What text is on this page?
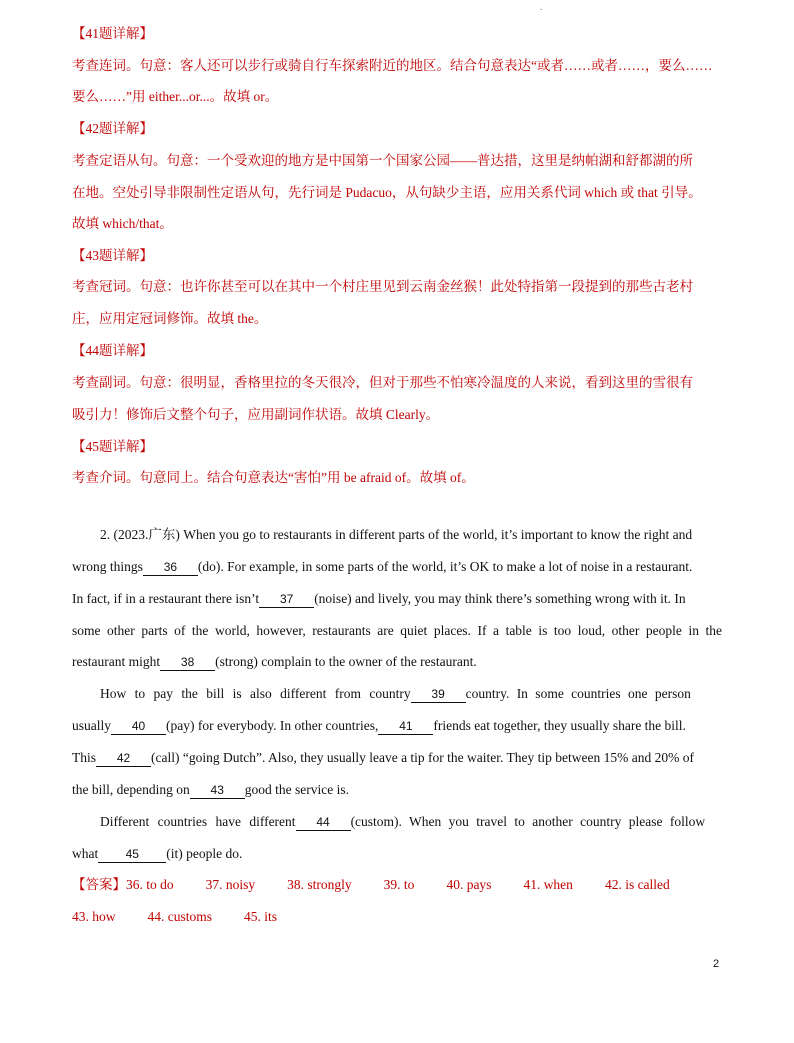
.
【41题详解】
考查连词。句意：客人还可以步行或骑自行车探索附近的地区。结合句意表达“或者……或者……，要么……
要么……”用 either...or...。故填 or。
【42题详解】
考查定语从句。句意：一个受欢迎的地方是中国第一个国家公园——普达措，这里是纳帕湖和舒都湖的所
在地。空处引导非限制性定语从句，先行词是 Pudacuo，从句缺少主语，应用关系代词 which 或 that 引导。
故填 which/that。
【43题详解】
考查冠词。句意：也许你甚至可以在其中一个村庄里见到云南金丝猴！此处特指第一段提到的那些古老村
庄，应用定冠词修饰。故填 the。
【44题详解】
考查副词。句意：很明显，香格里拉的冬天很冷，但对于那些不怕寒冷温度的人来说，看到这里的雪很有
吸引力！修饰后文整个句子，应用副词作状语。故填 Clearly。
【45题详解】
考查介词。句意同上。结合句意表达“害怕”用 be afraid of。故填 of。
2. (2023.广东) When you go to restaurants in different parts of the world, it’s important to know the right and
wrong things 36 (do). For example, in some parts of the world, it’s OK to make a lot of noise in a restaurant.
In fact, if in a restaurant there isn’t 37 (noise) and lively, you may think there’s something wrong with it. In
some other parts of the world, however, restaurants are quiet places. If a table is too loud, other people in the
restaurant might 38 (strong) complain to the owner of the restaurant.
How to pay the bill is also different from country 39 country. In some countries one person
usually 40 (pay) for everybody. In other countries, 41 friends eat together, they usually share the bill.
This 42 (call) “going Dutch”. Also, they usually leave a tip for the waiter. They tip between 15% and 20% of
the bill, depending on 43 good the service is.
Different countries have different 44 (custom). When you travel to another country please follow
what 45 (it) people do.
【答案】36. to do 37. noisy 38. strongly 39. to 40. pays 41. when 42. is called
43. how 44. customs 45. its
2
